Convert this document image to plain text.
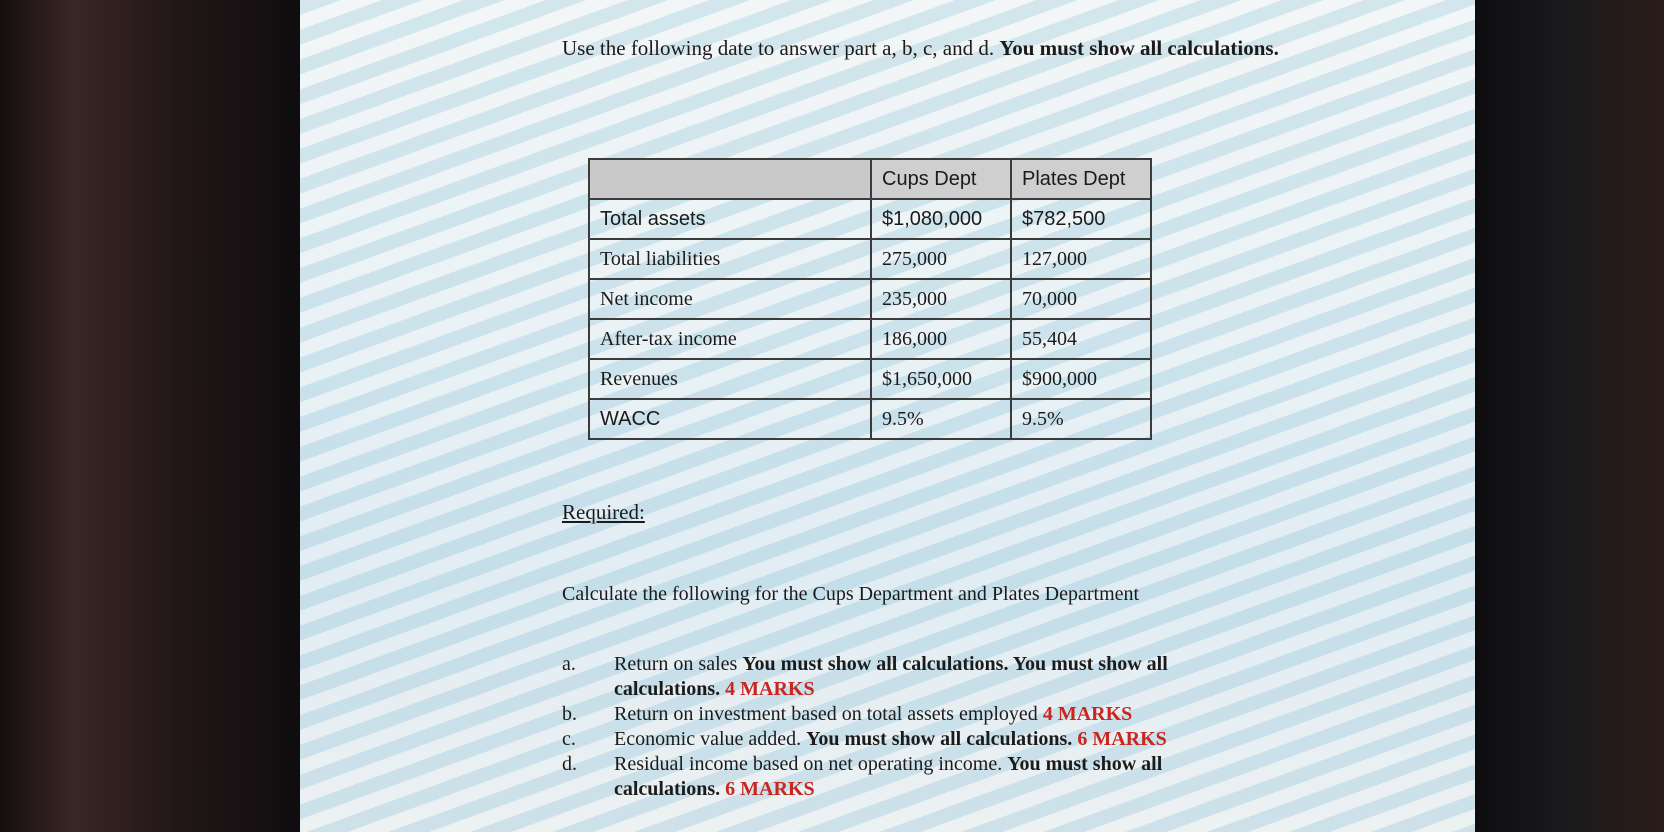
Use the following date to answer part a, b, c, and d. You must show all calculations.
	Cups Dept	Plates Dept
Total assets	$1,080,000	$782,500
Total liabilities	275,000	127,000
Net income	235,000	70,000
After-tax income	186,000	55,404
Revenues	$1,650,000	$900,000
WACC	9.5%	9.5%
Required:
Calculate the following for the Cups Department and Plates Department
a.	Return on sales You must show all calculations. You must show all calculations. 4 MARKS
b.	Return on investment based on total assets employed 4 MARKS
c.	Economic value added. You must show all calculations. 6 MARKS
d.	Residual income based on net operating income. You must show all calculations. 6 MARKS
